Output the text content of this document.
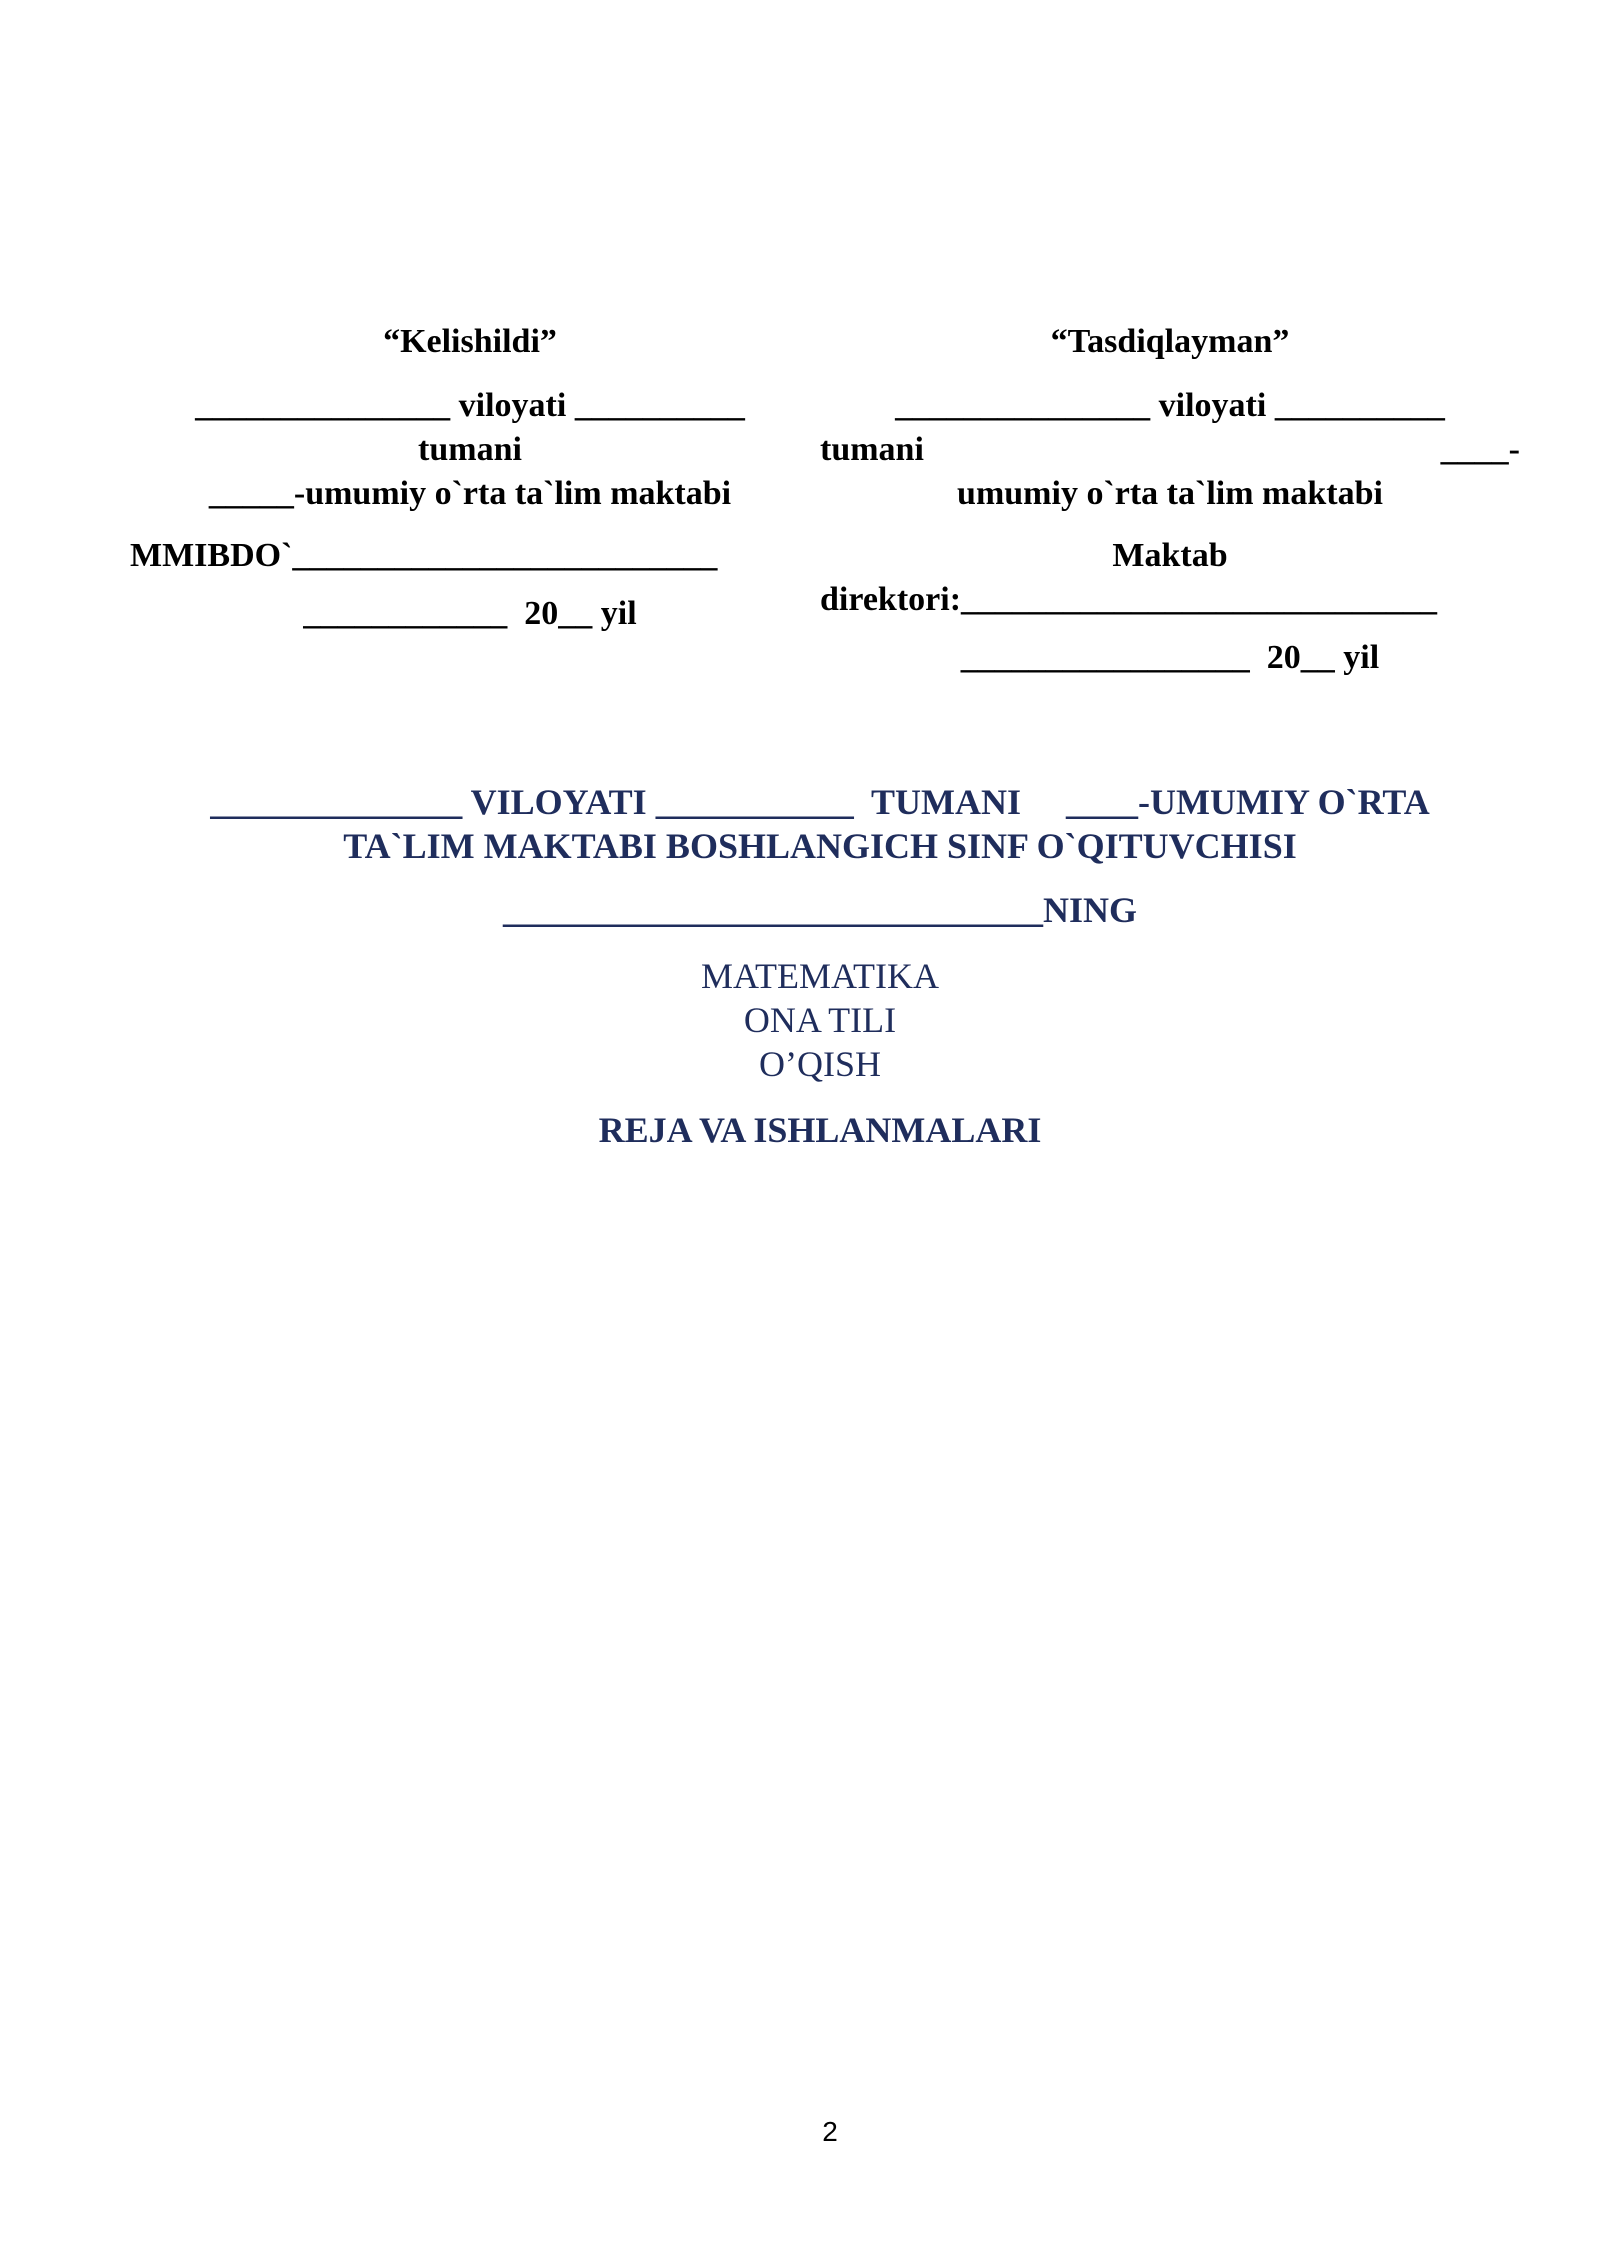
“Kelishildi”
_______________ viloyati __________
tumani
_____-umumiy o`rta ta`lim maktabi
MMIBDO`_________________________
____________  20__ yil
“Tasdiqlayman”
_______________ viloyati __________
tumani	____-
umumiy o`rta ta`lim maktabi
Maktab
direktori:____________________________
_________________  20__ yil
______________ VILOYATI ___________  TUMANI     ____-UMUMIY O`RTA
TA`LIM MAKTABI BOSHLANGICH SINF O`QITUVCHISI
______________________________NING
MATEMATIKA
ONA TILI
O’QISH
REJA VA ISHLANMALARI
2
